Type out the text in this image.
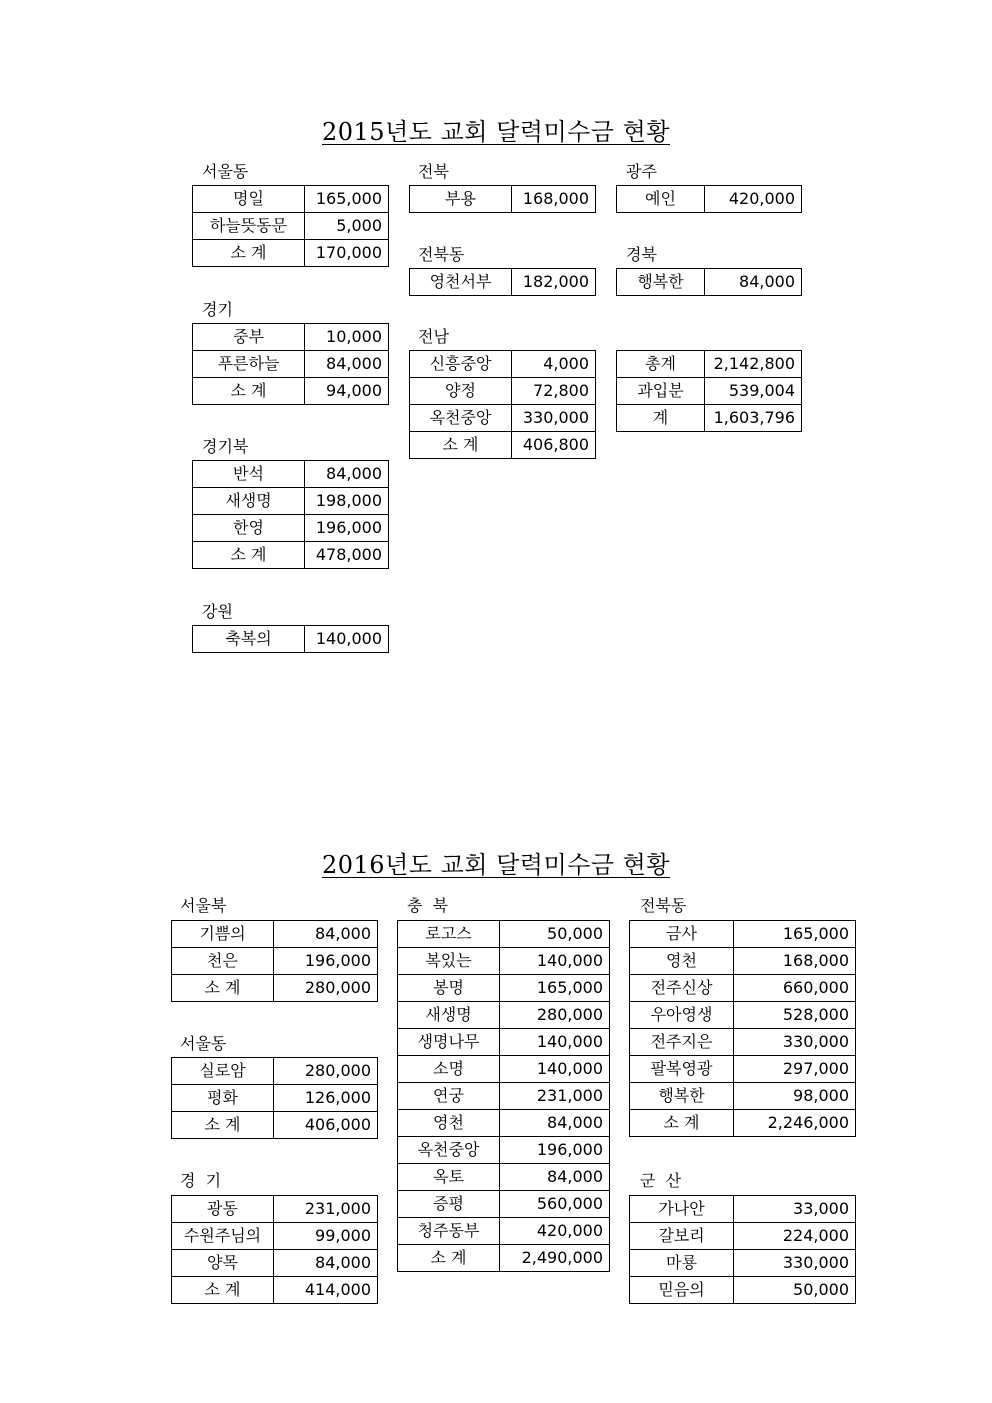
2015년도 교회 달력미수금 현황
서울동
명일	165,000
하늘뜻동문	5,000
소 계	170,000
전북
부용	168,000
광주
예인	420,000
전북동
영천서부	182,000
경북
행복한	84,000
경기
중부	10,000
푸른하늘	84,000
소 계	94,000
전남
신흥중앙	4,000
양정	72,800
옥천중앙	330,000
소 계	406,800
총계	2,142,800
과입분	539,004
계	1,603,796
경기북
반석	84,000
새생명	198,000
한영	196,000
소 계	478,000
강원
축복의	140,000
2016년도 교회 달력미수금 현황
서울북
기쁨의	84,000
천은	196,000
소 계	280,000
충  북
로고스	50,000
복있는	140,000
봉명	165,000
새생명	280,000
생명나무	140,000
소명	140,000
연궁	231,000
영천	84,000
옥천중앙	196,000
옥토	84,000
증평	560,000
청주동부	420,000
소 계	2,490,000
전북동
금사	165,000
영천	168,000
전주신상	660,000
우아영생	528,000
전주지은	330,000
팔복영광	297,000
행복한	98,000
소 계	2,246,000
서울동
실로암	280,000
평화	126,000
소 계	406,000
경  기
광동	231,000
수원주님의	99,000
양목	84,000
소 계	414,000
군  산
가나안	33,000
갈보리	224,000
마룡	330,000
믿음의	50,000
